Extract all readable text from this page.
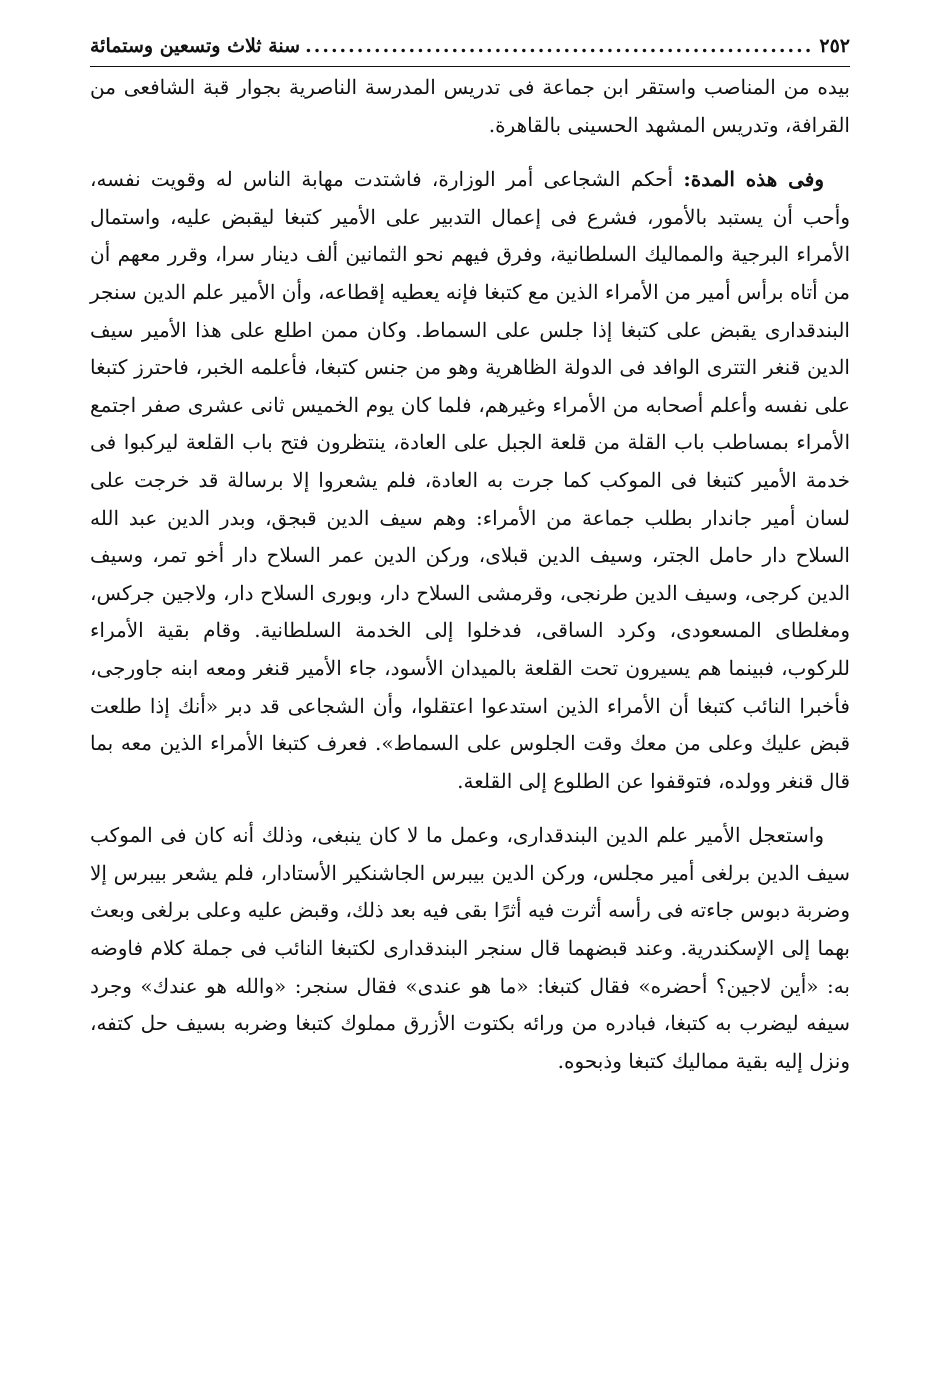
٢٥٢
.....
سنة ثلاث وتسعين وستمائة

بيده من المناصب واستقر ابن جماعة فى تدريس المدرسة الناصرية بجوار قبة الشافعى من القرافة، وتدريس المشهد الحسينى بالقاهرة.

وفى هذه المدة: أحكم الشجاعى أمر الوزارة، فاشتدت مهابة الناس له وقويت نفسه، وأحب أن يستبد بالأمور، فشرع فى إعمال التدبير على الأمير كتبغا ليقبض عليه، واستمال الأمراء البرجية والمماليك السلطانية، وفرق فيهم نحو الثمانين ألف دينار سرا، وقرر معهم أن من أتاه برأس أمير من الأمراء الذين مع كتبغا فإنه يعطيه إقطاعه، وأن الأمير علم الدين سنجر البندقدارى يقبض على كتبغا إذا جلس على السماط. وكان ممن اطلع على هذا الأمير سيف الدين قنغر التترى الوافد فى الدولة الظاهرية وهو من جنس كتبغا، فأعلمه الخبر، فاحترز كتبغا على نفسه وأعلم أصحابه من الأمراء وغيرهم، فلما كان يوم الخميس ثانى عشرى صفر اجتمع الأمراء بمساطب باب القلة من قلعة الجبل على العادة، ينتظرون فتح باب القلعة ليركبوا فى خدمة الأمير كتبغا فى الموكب كما جرت به العادة، فلم يشعروا إلا برسالة قد خرجت على لسان أمير جاندار بطلب جماعة من الأمراء: وهم سيف الدين قبجق، وبدر الدين عبد الله السلاح دار حامل الجتر، وسيف الدين قبلاى، وركن الدين عمر السلاح دار أخو تمر، وسيف الدين كرجى، وسيف الدين طرنجى، وقرمشى السلاح دار، وبورى السلاح دار، ولاجين جركس، ومغلطاى المسعودى، وكرد الساقى، فدخلوا إلى الخدمة السلطانية. وقام بقية الأمراء للركوب، فبينما هم يسيرون تحت القلعة بالميدان الأسود، جاء الأمير قنغر ومعه ابنه جاورجى، فأخبرا النائب كتبغا أن الأمراء الذين استدعوا اعتقلوا، وأن الشجاعى قد دبر «أنك إذا طلعت قبض عليك وعلى من معك وقت الجلوس على السماط». فعرف كتبغا الأمراء الذين معه بما قال قنغر وولده، فتوقفوا عن الطلوع إلى القلعة.

واستعجل الأمير علم الدين البندقدارى، وعمل ما لا كان ينبغى، وذلك أنه كان فى الموكب سيف الدين برلغى أمير مجلس، وركن الدين بيبرس الجاشنكير الأستادار، فلم يشعر بيبرس إلا وضربة دبوس جاءته فى رأسه أثرت فيه أثرًا بقى فيه بعد ذلك، وقبض عليه وعلى برلغى وبعث بهما إلى الإسكندرية. وعند قبضهما قال سنجر البندقدارى لكتبغا النائب فى جملة كلام فاوضه به: «أين لاجين؟ أحضره» فقال كتبغا: «ما هو عندى» فقال سنجر: «والله هو عندك» وجرد سيفه ليضرب به كتبغا، فبادره من ورائه بكتوت الأزرق مملوك كتبغا وضربه بسيف حل كتفه، ونزل إليه بقية مماليك كتبغا وذبحوه.
